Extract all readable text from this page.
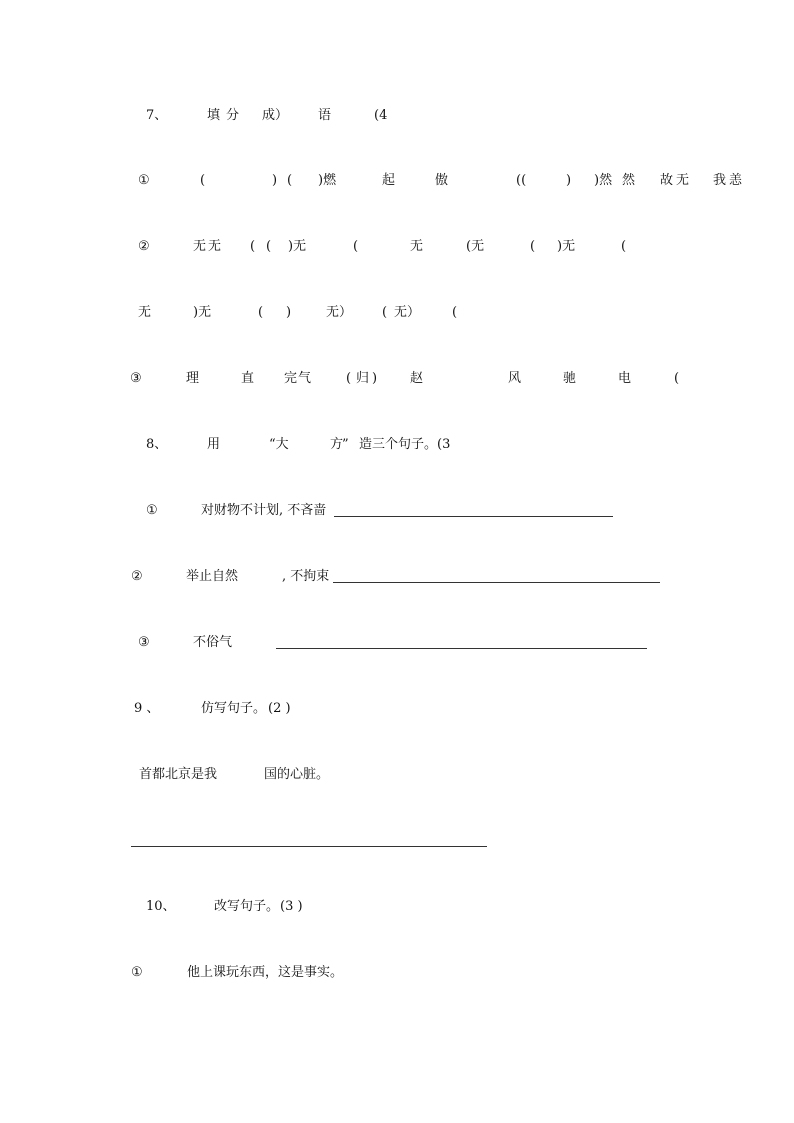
7、	填 分 成） 语	(4
①	(	) ( )燃	起	傲	((	) )然 然 故 无 我 恙
②	无 无 ( ( )无	(	无	(无	( )无	(
无	)无	( )	无） ( 无） (
③	理	直 完 气	( 归 )	赵	风	驰	电	(
8、	用	“大	方
” 造三个句子。(3
①	对财物不计划, 不吝啬
②	举止自然	, 不拘束
③	不俗气
9 、	仿写句子。 (2 )
首都北京是我	国的心脏。
10、	改写句子。 (3 )
①	他上课玩东西，这是事实。
